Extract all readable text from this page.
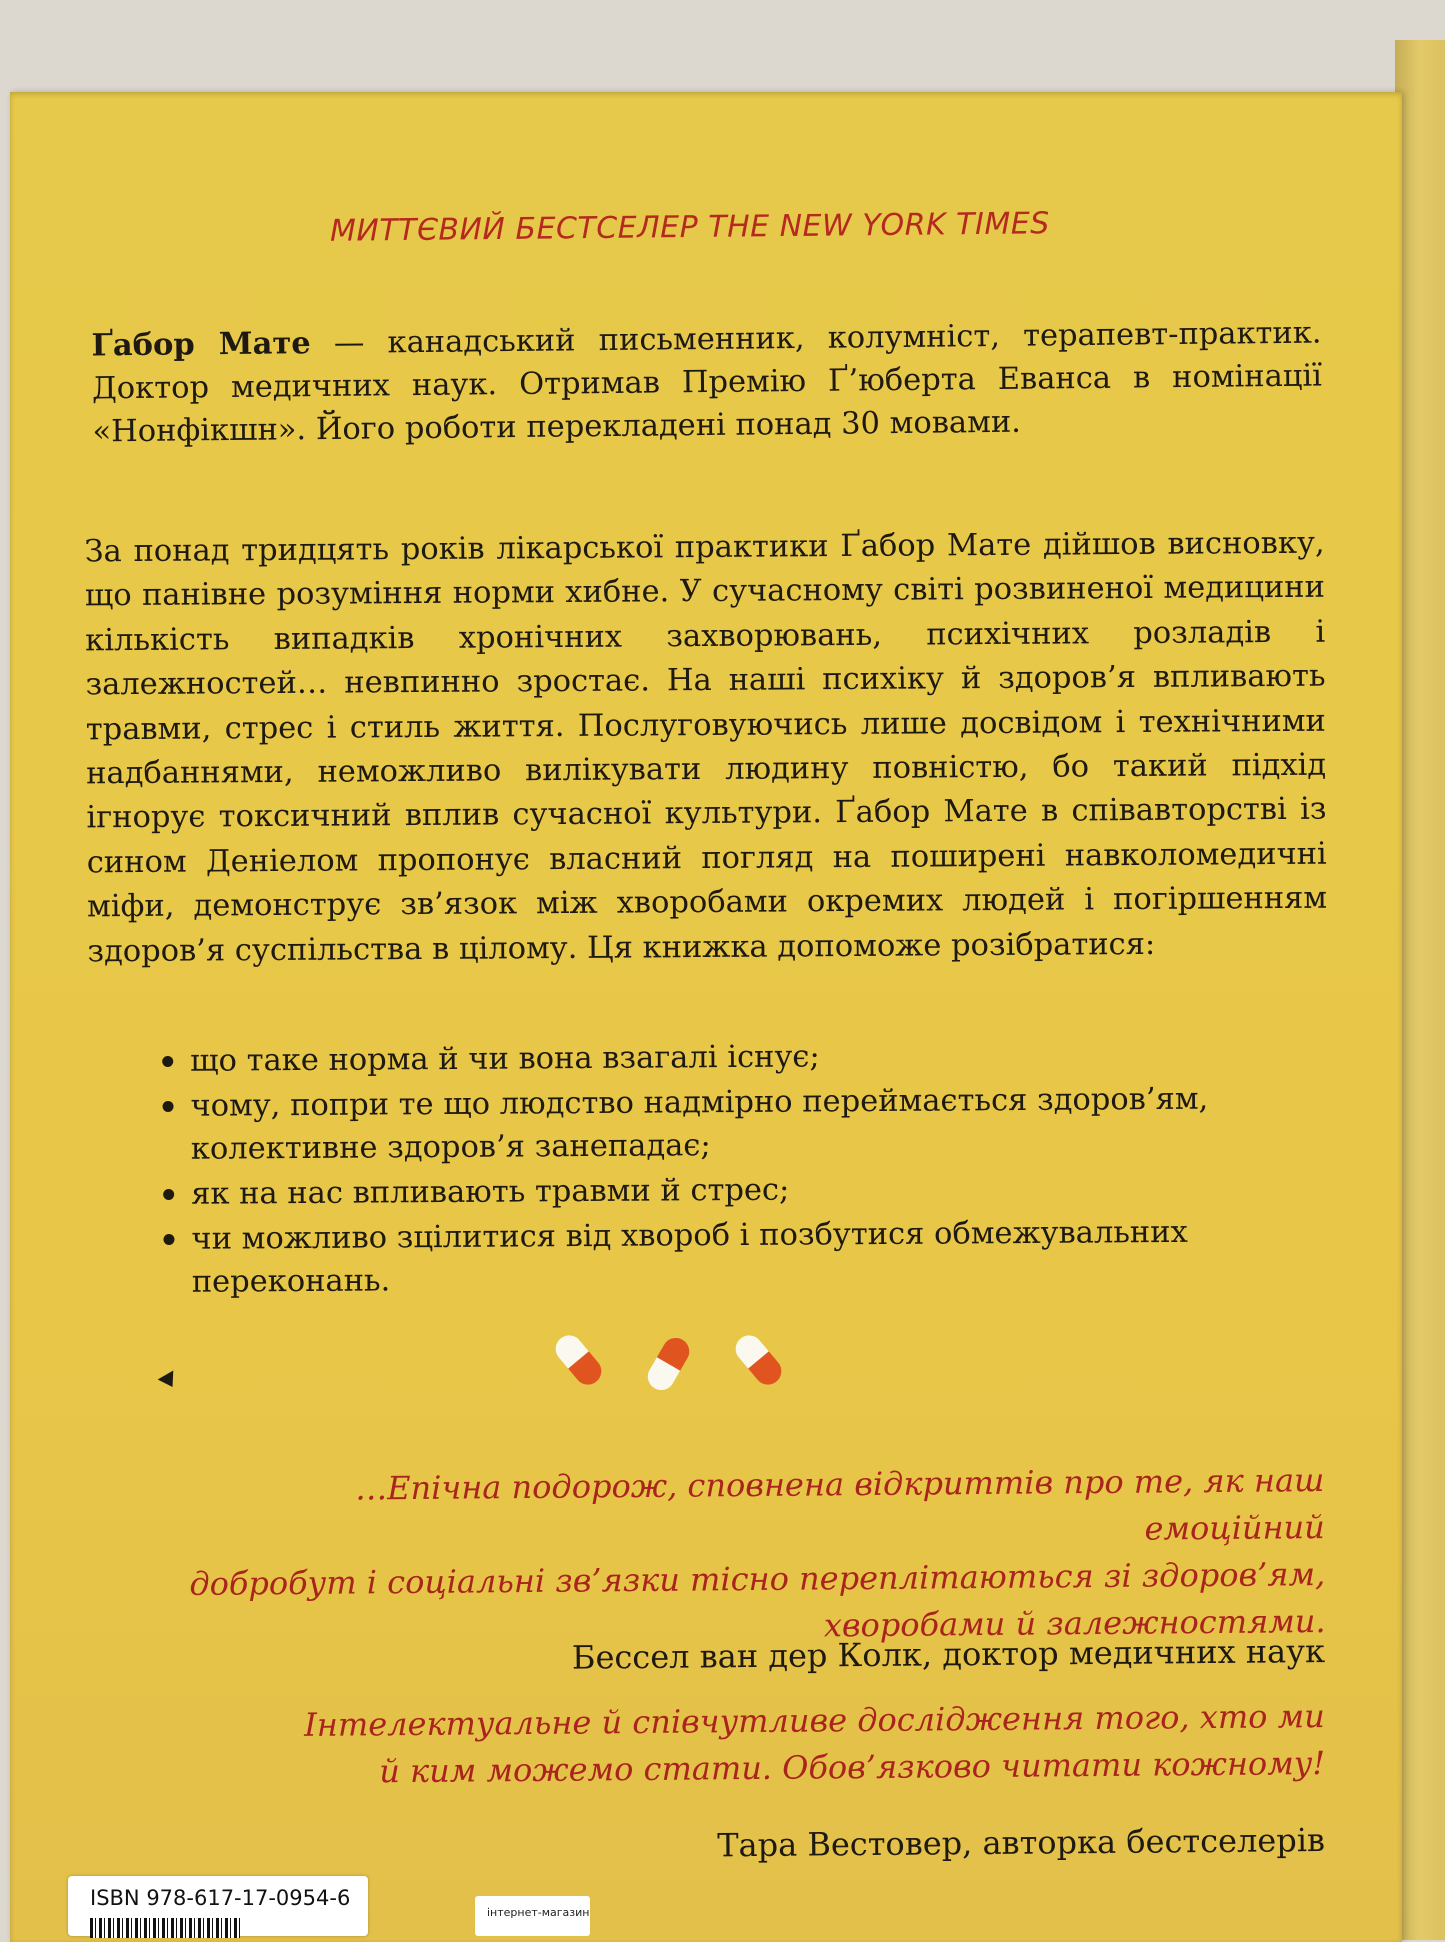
МИТТЄВИЙ БЕСТСЕЛЕР THE NEW YORK TIMES
Ґабор Мате — канадський письменник, колумніст, терапевт-практик. Доктор медичних наук. Отримав Премію Ґ’юберта Еванса в номінації «Нонфікшн». Його роботи перекладені понад 30 мовами.
За понад тридцять років лікарської практики Ґабор Мате дійшов висновку, що панівне розуміння норми хибне. У сучасному світі розвиненої медицини кількість випадків хронічних захворювань, психічних розладів і залежностей… невпинно зростає. На наші психіку й здоров’я впливають травми, стрес і стиль життя. Послуговуючись лише досвідом і технічними надбаннями, неможливо вилікувати людину повністю, бо такий підхід ігнорує токсичний вплив сучасної культури. Ґабор Мате в співавторстві із сином Деніелом пропонує власний погляд на поширені навколомедичні міфи, демонструє зв’язок між хворобами окремих людей і погіршенням здоров’я суспільства в цілому. Ця книжка допоможе розібратися:
що таке норма й чи вона взагалі існує;
чому, попри те що людство надмірно переймається здоров’ям, колективне здоров’я занепадає;
як на нас впливають травми й стрес;
чи можливо зцілитися від хвороб і позбутися обмежувальних переконань.
…Епічна подорож, сповнена відкриттів про те, як наш емоційний
добробут і соціальні зв’язки тісно переплітаються зі здоров’ям,
хворобами й залежностями.
Бессел ван дер Колк, доктор медичних наук
Інтелектуальне й співчутливе дослідження того, хто ми
й ким можемо стати. Обов’язково читати кожному!
Тара Вестовер, авторка бестселерів
ISBN 978-617-17-0954-6
інтернет-магазин
